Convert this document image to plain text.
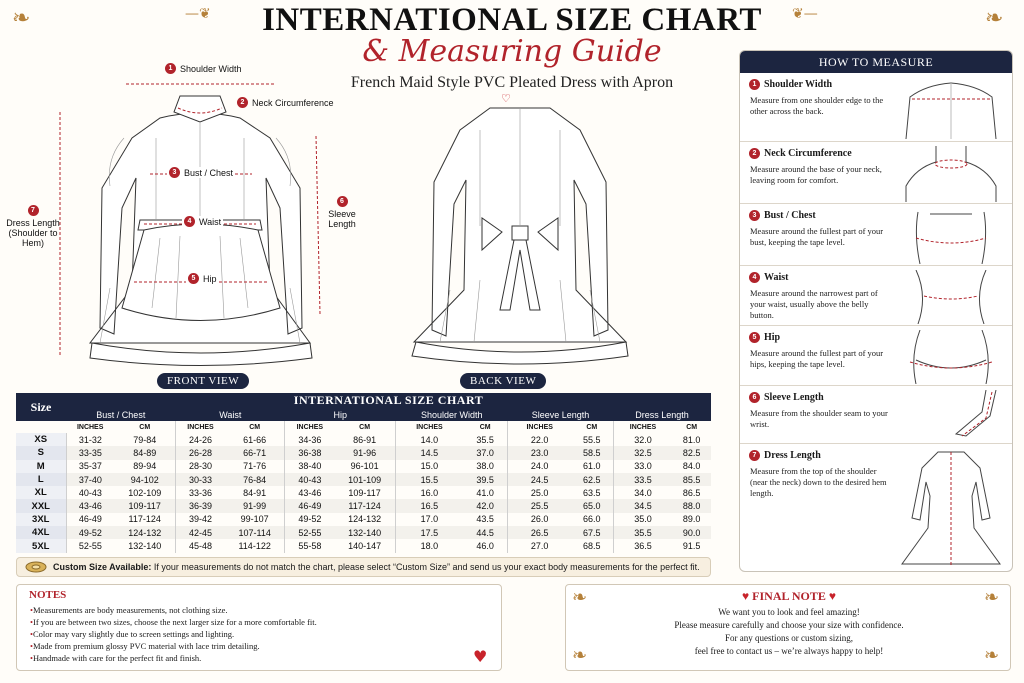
❧	❧
—❦	❦—
INTERNATIONAL SIZE CHART
& Measuring Guide
French Maid Style PVC Pleated Dress with Apron
♡
1 Shoulder Width
2 Neck Circumference
3 Bust / Chest
4 Waist
5 Hip
6
Sleeve Length
7
Dress Length (Shoulder to Hem)
FRONT VIEW	BACK VIEW
HOW TO MEASURE
1 Shoulder Width
Measure from one shoulder edge to the other across the back.
2 Neck Circumference
Measure around the base of your neck, leaving room for comfort.
3 Bust / Chest
Measure around the fullest part of your bust, keeping the tape level.
4 Waist
Measure around the narrowest part of your waist, usually above the belly button.
5 Hip
Measure around the fullest part of your hips, keeping the tape level.
6 Sleeve Length
Measure from the shoulder seam to your wrist.
7 Dress Length
Measure from the top of the shoulder (near the neck) down to the desired hem length.
Size	INTERNATIONAL SIZE CHART											
	Bust / Chest		Waist		Hip		Shoulder Width		Sleeve Length		Dress Length	
	INCHES	CM	INCHES	CM	INCHES	CM	INCHES	CM	INCHES	CM	INCHES	CM
XS	31-32	79-84	24-26	61-66	34-36	86-91	14.0	35.5	22.0	55.5	32.0	81.0
S	33-35	84-89	26-28	66-71	36-38	91-96	14.5	37.0	23.0	58.5	32.5	82.5
M	35-37	89-94	28-30	71-76	38-40	96-101	15.0	38.0	24.0	61.0	33.0	84.0
L	37-40	94-102	30-33	76-84	40-43	101-109	15.5	39.5	24.5	62.5	33.5	85.5
XL	40-43	102-109	33-36	84-91	43-46	109-117	16.0	41.0	25.0	63.5	34.0	86.5
XXL	43-46	109-117	36-39	91-99	46-49	117-124	16.5	42.0	25.5	65.0	34.5	88.0
3XL	46-49	117-124	39-42	99-107	49-52	124-132	17.0	43.5	26.0	66.0	35.0	89.0
4XL	49-52	124-132	42-45	107-114	52-55	132-140	17.5	44.5	26.5	67.5	35.5	90.0
5XL	52-55	132-140	45-48	114-122	55-58	140-147	18.0	46.0	27.0	68.5	36.5	91.5
Custom Size Available: If your measurements do not match the chart, please select “Custom Size” and send us your exact body measurements for the perfect fit.
NOTES
• Measurements are body measurements, not clothing size.
• If you are between two sizes, choose the next larger size for a more comfortable fit.
• Color may vary slightly due to screen settings and lighting.
• Made from premium glossy PVC material with lace trim detailing.
• Handmade with care for the perfect fit and finish.	♥
❧	❧
❧	❧
♥ FINAL NOTE ♥
We want you to look and feel amazing!
Please measure carefully and choose your size with confidence.
For any questions or custom sizing,
feel free to contact us – we’re always happy to help!
